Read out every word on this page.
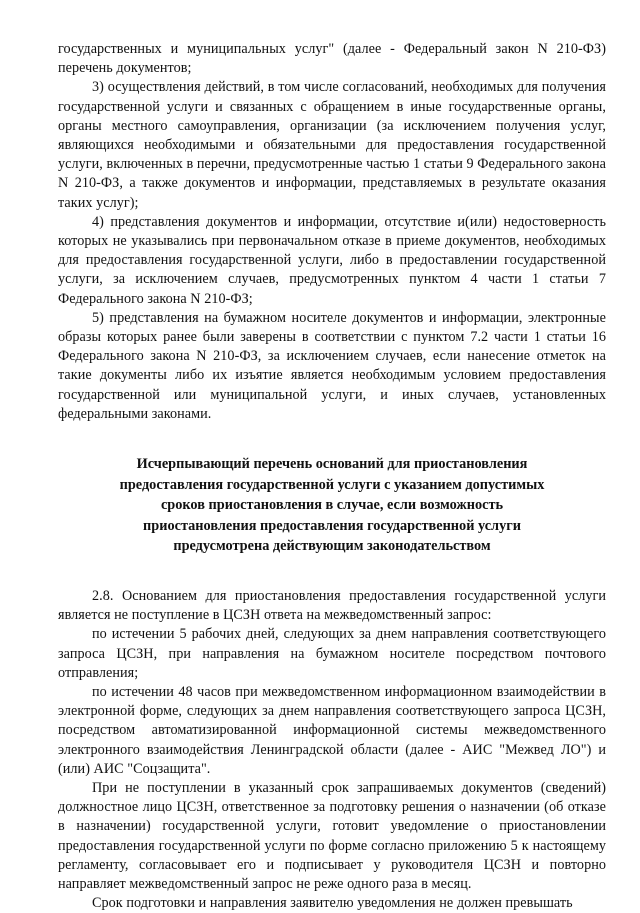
государственных и муниципальных услуг" (далее - Федеральный закон N 210-ФЗ) перечень документов;

3) осуществления действий, в том числе согласований, необходимых для получения государственной услуги и связанных с обращением в иные государственные органы, органы местного самоуправления, организации (за исключением получения услуг, являющихся необходимыми и обязательными для предоставления государственной услуги, включенных в перечни, предусмотренные частью 1 статьи 9 Федерального закона N 210-ФЗ, а также документов и информации, представляемых в результате оказания таких услуг);

4) представления документов и информации, отсутствие и(или) недостоверность которых не указывались при первоначальном отказе в приеме документов, необходимых для предоставления государственной услуги, либо в предоставлении государственной услуги, за исключением случаев, предусмотренных пунктом 4 части 1 статьи 7 Федерального закона N 210-ФЗ;

5) представления на бумажном носителе документов и информации, электронные образы которых ранее были заверены в соответствии с пунктом 7.2 части 1 статьи 16 Федерального закона N 210-ФЗ, за исключением случаев, если нанесение отметок на такие документы либо их изъятие является необходимым условием предоставления государственной или муниципальной услуги, и иных случаев, установленных федеральными законами.

Исчерпывающий перечень оснований для приостановления
предоставления государственной услуги с указанием допустимых
сроков приостановления в случае, если возможность
приостановления предоставления государственной услуги
предусмотрена действующим законодательством

2.8. Основанием для приостановления предоставления государственной услуги является не поступление в ЦСЗН ответа на межведомственный запрос:

по истечении 5 рабочих дней, следующих за днем направления соответствующего запроса ЦСЗН, при направления на бумажном носителе посредством почтового отправления;

по истечении 48 часов при межведомственном информационном взаимодействии в электронной форме, следующих за днем направления соответствующего запроса ЦСЗН, посредством автоматизированной информационной системы межведомственного электронного взаимодействия Ленинградской области (далее - АИС "Межвед ЛО") и (или) АИС "Соцзащита".

При не поступлении в указанный срок запрашиваемых документов (сведений) должностное лицо ЦСЗН, ответственное за подготовку решения о назначении (об отказе в назначении) государственной услуги, готовит уведомление о приостановлении предоставления государственной услуги по форме согласно приложению 5 к настоящему регламенту, согласовывает его и подписывает у руководителя ЦСЗН и повторно направляет межведомственный запрос не реже одного раза в месяц.

Срок подготовки и направления заявителю уведомления не должен превышать
